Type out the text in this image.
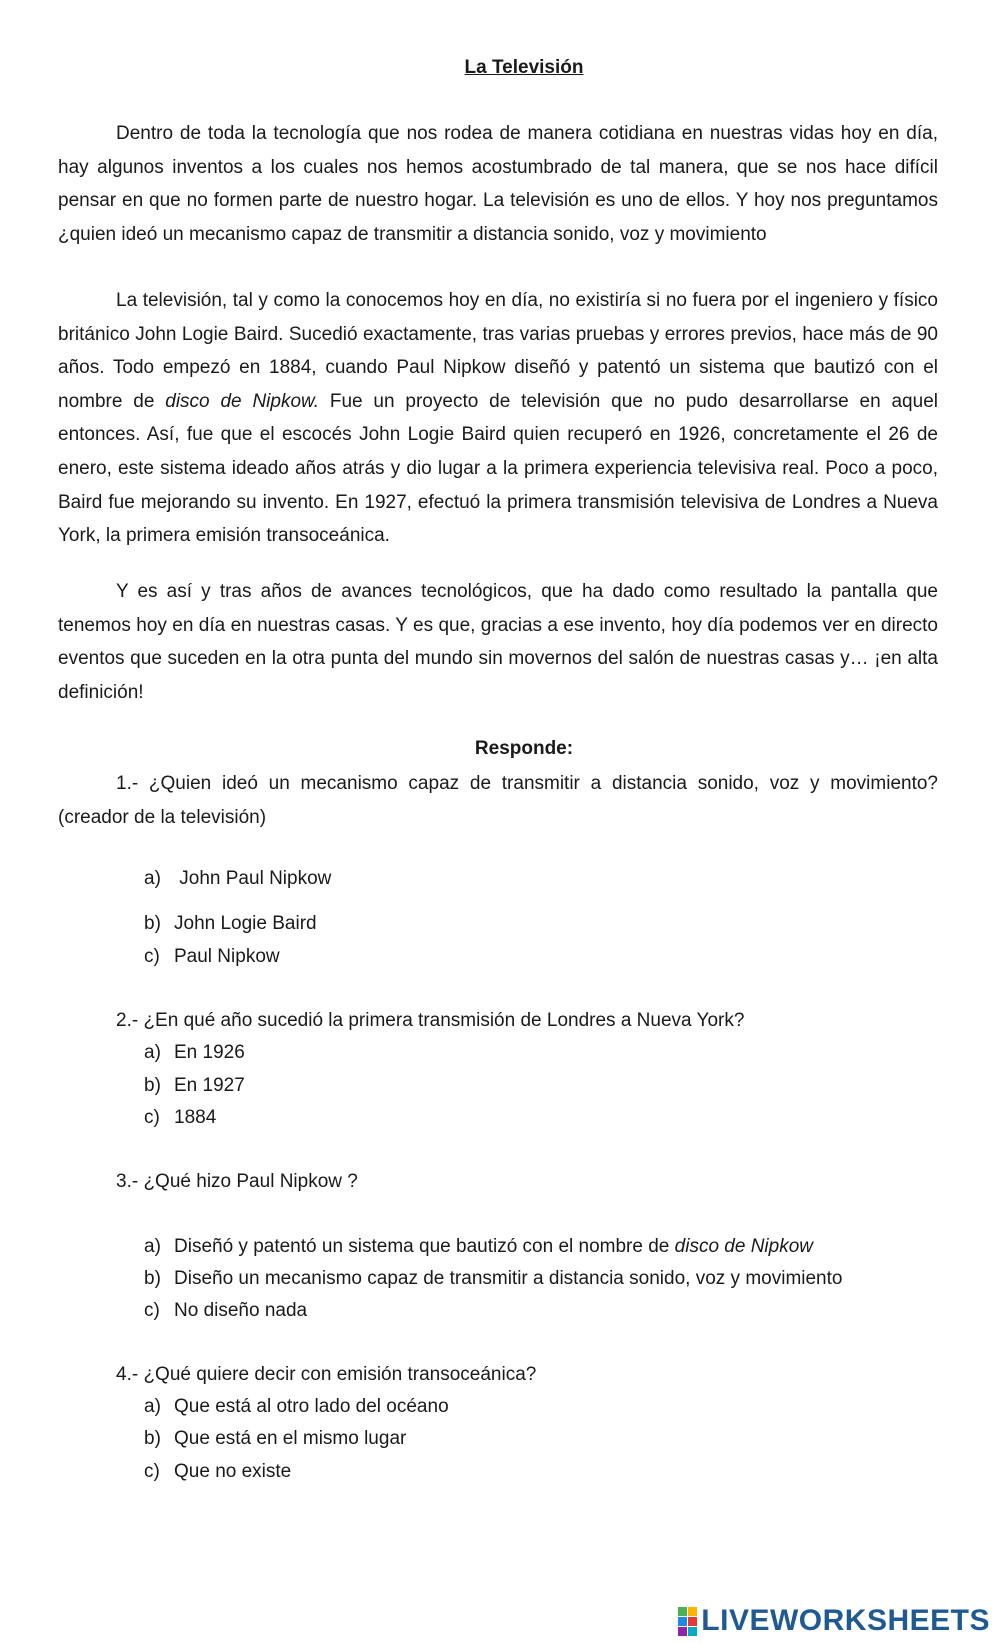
La Televisión

Dentro de toda la tecnología que nos rodea de manera cotidiana en nuestras vidas hoy en día, hay algunos inventos a los cuales nos hemos acostumbrado de tal manera, que se nos hace difícil pensar en que no formen parte de nuestro hogar. La televisión es uno de ellos. Y hoy nos preguntamos ¿quien ideó un mecanismo capaz de transmitir a distancia sonido, voz y movimiento

La televisión, tal y como la conocemos hoy en día, no existiría si no fuera por el ingeniero y físico británico John Logie Baird. Sucedió exactamente, tras varias pruebas y errores previos, hace más de 90 años. Todo empezó en 1884, cuando Paul Nipkow diseñó y patentó un sistema que bautizó con el nombre de disco de Nipkow. Fue un proyecto de televisión que no pudo desarrollarse en aquel entonces. Así, fue que el escocés John Logie Baird quien recuperó en 1926, concretamente el 26 de enero, este sistema ideado años atrás y dio lugar a la primera experiencia televisiva real. Poco a poco, Baird fue mejorando su invento. En 1927, efectuó la primera transmisión televisiva de Londres a Nueva York, la primera emisión transoceánica.

Y es así y tras años de avances tecnológicos, que ha dado como resultado la pantalla que tenemos hoy en día en nuestras casas. Y es que, gracias a ese invento, hoy día podemos ver en directo eventos que suceden en la otra punta del mundo sin movernos del salón de nuestras casas y… ¡en alta definición!

Responde:

1.- ¿Quien ideó un mecanismo capaz de transmitir a distancia sonido, voz y movimiento? (creador de la televisión)

a) John Paul Nipkow

b) John Logie Baird

c) Paul Nipkow

2.- ¿En qué año sucedió la primera transmisión de Londres a Nueva York?

a) En 1926

b) En 1927

c) 1884

3.- ¿Qué hizo Paul Nipkow ?

a) Diseñó y patentó un sistema que bautizó con el nombre de disco de Nipkow

b) Diseño un mecanismo capaz de transmitir a distancia sonido, voz y movimiento

c) No diseño nada

4.- ¿Qué quiere decir con emisión transoceánica?

a) Que está al otro lado del océano

b) Que está en el mismo lugar

c) Que no existe

LIVEWORKSHEETS
